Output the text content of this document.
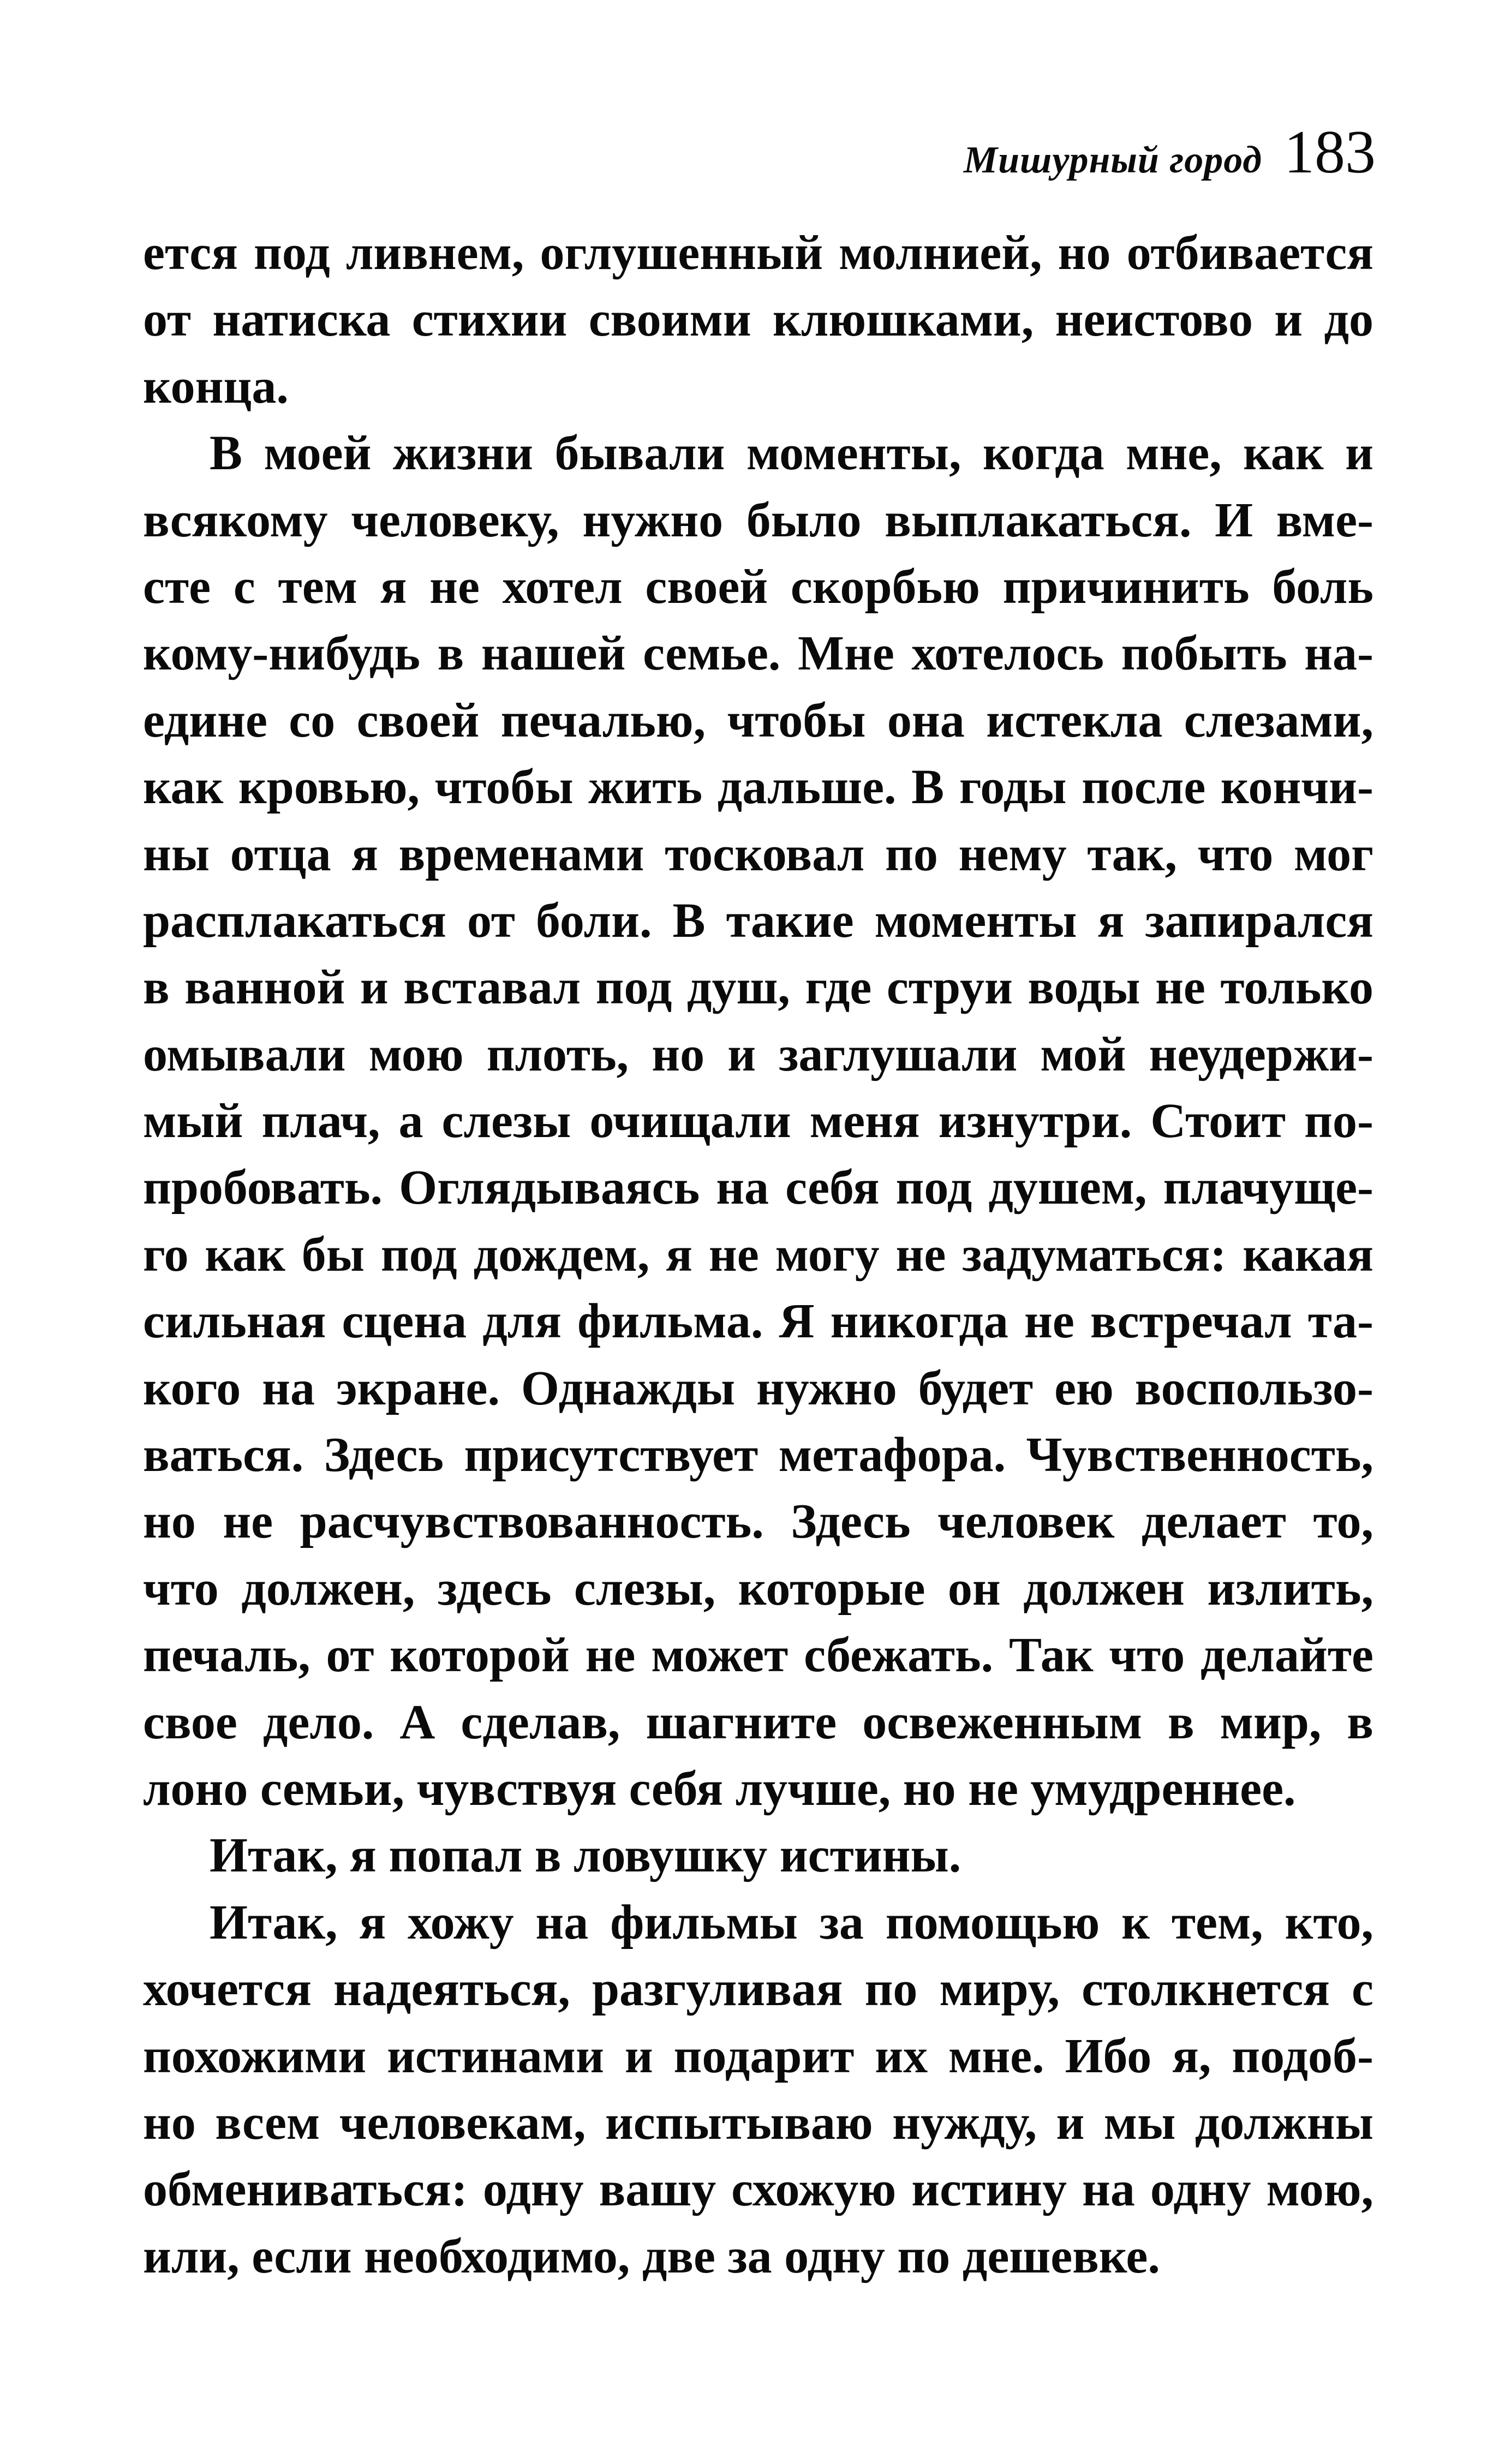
Мишурный город 183
ется под ливнем, оглушенный молнией, но отбивается
от натиска стихии своими клюшками, неистово и до
конца.
В моей жизни бывали моменты, когда мне, как и
всякому человеку, нужно было выплакаться. И вме-
сте с тем я не хотел своей скорбью причинить боль
кому-нибудь в нашей семье. Мне хотелось побыть на-
едине со своей печалью, чтобы она истекла слезами,
как кровью, чтобы жить дальше. В годы после кончи-
ны отца я временами тосковал по нему так, что мог
расплакаться от боли. В такие моменты я запирался
в ванной и вставал под душ, где струи воды не только
омывали мою плоть, но и заглушали мой неудержи-
мый плач, а слезы очищали меня изнутри. Стоит по-
пробовать. Оглядываясь на себя под душем, плачуще-
го как бы под дождем, я не могу не задуматься: какая
сильная сцена для фильма. Я никогда не встречал та-
кого на экране. Однажды нужно будет ею воспользо-
ваться. Здесь присутствует метафора. Чувственность,
но не расчувствованность. Здесь человек делает то,
что должен, здесь слезы, которые он должен излить,
печаль, от которой не может сбежать. Так что делайте
свое дело. А сделав, шагните освеженным в мир, в
лоно семьи, чувствуя себя лучше, но не умудреннее.
Итак, я попал в ловушку истины.
Итак, я хожу на фильмы за помощью к тем, кто,
хочется надеяться, разгуливая по миру, столкнется с
похожими истинами и подарит их мне. Ибо я, подоб-
но всем человекам, испытываю нужду, и мы должны
обмениваться: одну вашу схожую истину на одну мою,
или, если необходимо, две за одну по дешевке.
